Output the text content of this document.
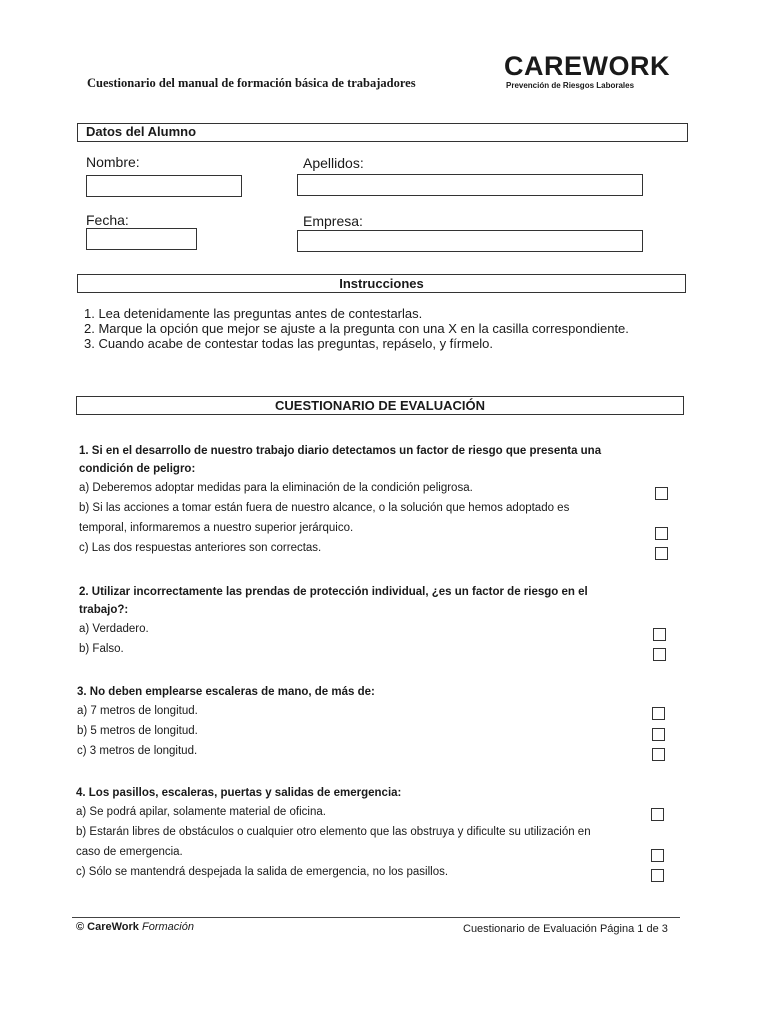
Cuestionario del manual de formación básica de trabajadores
CAREWORK
Prevención de Riesgos Laborales
Datos del Alumno
Nombre:	Apellidos:
Fecha:	Empresa:
Instrucciones
1. Lea detenidamente las preguntas antes de contestarlas.
2. Marque la opción que mejor se ajuste a la pregunta con una X en la casilla correspondiente.
3. Cuando acabe de contestar todas las preguntas, repáselo, y fírmelo.
CUESTIONARIO DE EVALUACIÓN
1. Si en el desarrollo de nuestro trabajo diario detectamos un factor de riesgo que presenta una
condición de peligro:
a) Deberemos adoptar medidas para la eliminación de la condición peligrosa.
b) Si las acciones a tomar están fuera de nuestro alcance, o la solución que hemos adoptado es
temporal, informaremos a nuestro superior jerárquico.
c) Las dos respuestas anteriores son correctas.
2. Utilizar incorrectamente las prendas de protección individual, ¿es un factor de riesgo en el
trabajo?:
a) Verdadero.
b) Falso.
3. No deben emplearse escaleras de mano, de más de:
a) 7 metros de longitud.
b) 5 metros de longitud.
c) 3 metros de longitud.
4. Los pasillos, escaleras, puertas y salidas de emergencia:
a) Se podrá apilar, solamente material de oficina.
b) Estarán libres de obstáculos o cualquier otro elemento que las obstruya y dificulte su utilización en
caso de emergencia.
c) Sólo se mantendrá despejada la salida de emergencia, no los pasillos.
© CareWork Formación	Cuestionario de Evaluación Página 1 de 3
